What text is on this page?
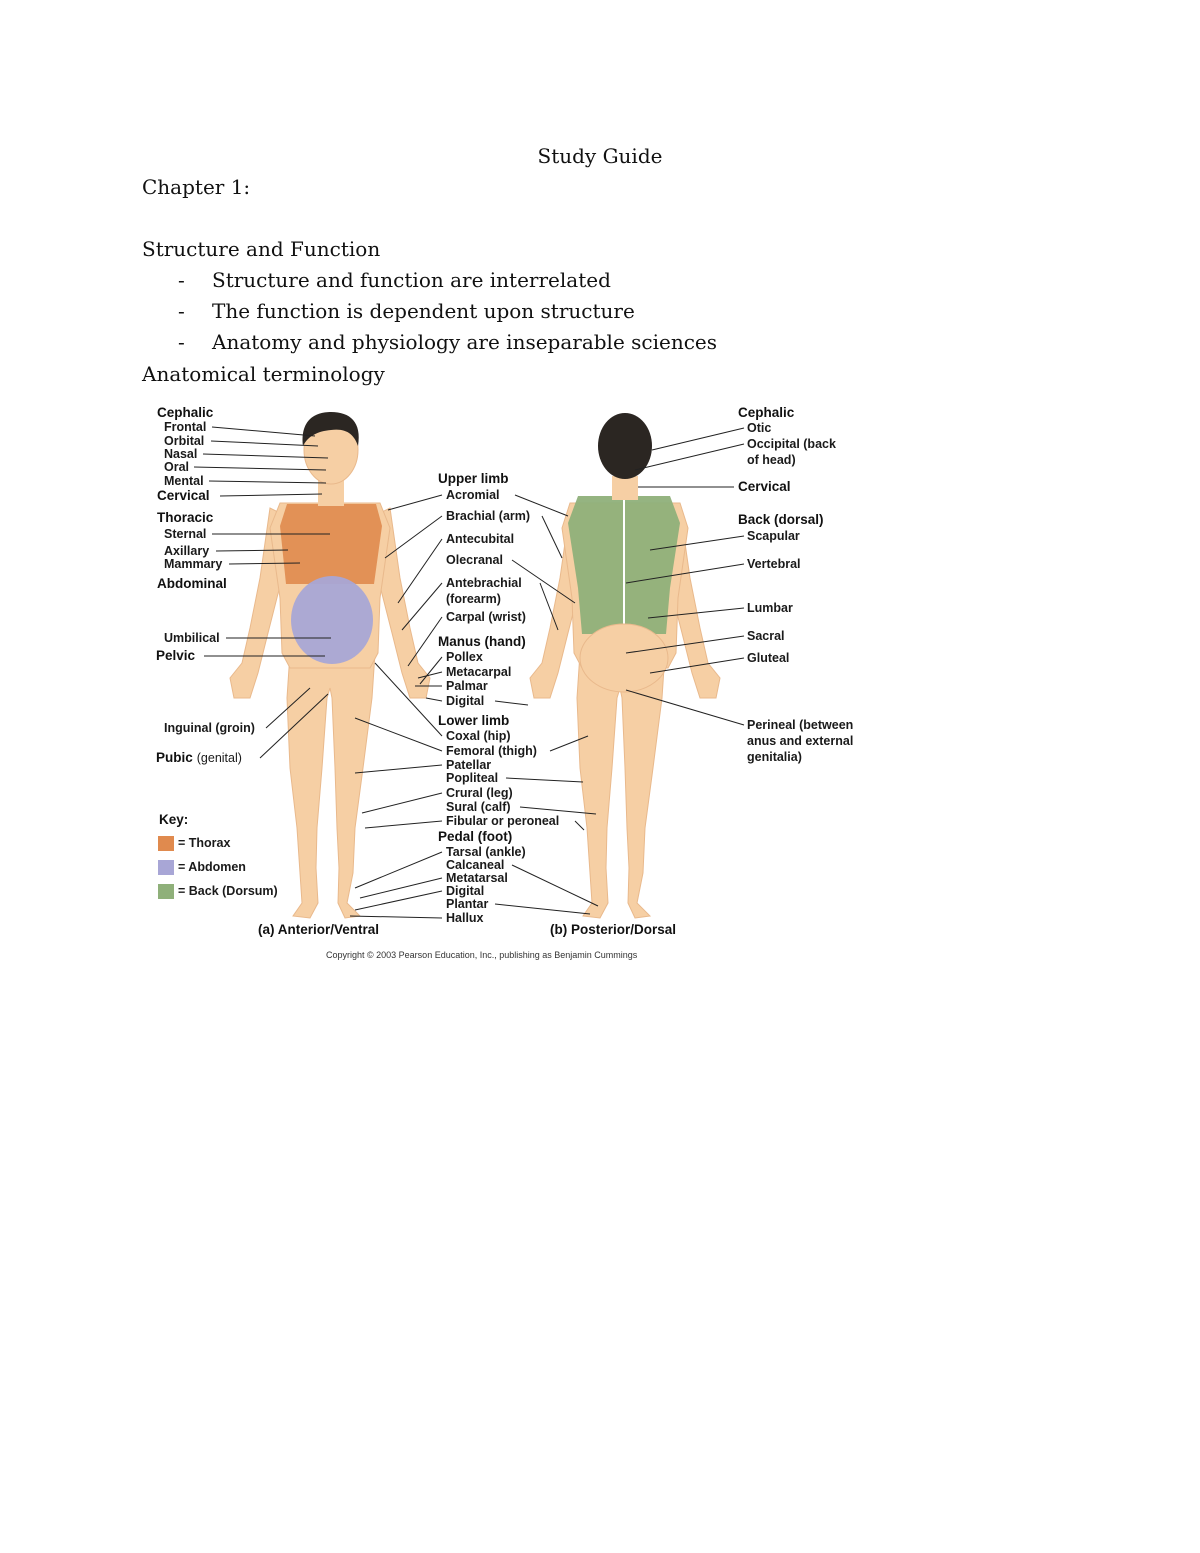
Study Guide
Chapter 1:
Structure and Function
- Structure and function are interrelated
- The function is dependent upon structure
- Anatomy and physiology are inseparable sciences
Anatomical terminology
Cephalic
Frontal
Orbital
Nasal
Oral
Mental
Cervical
Thoracic
Sternal
Axillary
Mammary
Abdominal
Umbilical
Pelvic
Inguinal (groin)
Pubic (genital)
Key:
= Thorax
= Abdomen
= Back (Dorsum)
Upper limb
Acromial
Brachial (arm)
Antecubital
Olecranal
Antebrachial
(forearm)
Carpal (wrist)
Manus (hand)
Pollex
Metacarpal
Palmar
Digital
Lower limb
Coxal (hip)
Femoral (thigh)
Patellar
Popliteal
Crural (leg)
Sural (calf)
Fibular or peroneal
Pedal (foot)
Tarsal (ankle)
Calcaneal
Metatarsal
Digital
Plantar
Hallux
Cephalic
Otic
Occipital (back
of head)
Cervical
Back (dorsal)
Scapular
Vertebral
Lumbar
Sacral
Gluteal
Perineal (between
anus and external
genitalia)
(a) Anterior/Ventral	(b) Posterior/Dorsal
Copyright © 2003 Pearson Education, Inc., publishing as Benjamin Cummings
